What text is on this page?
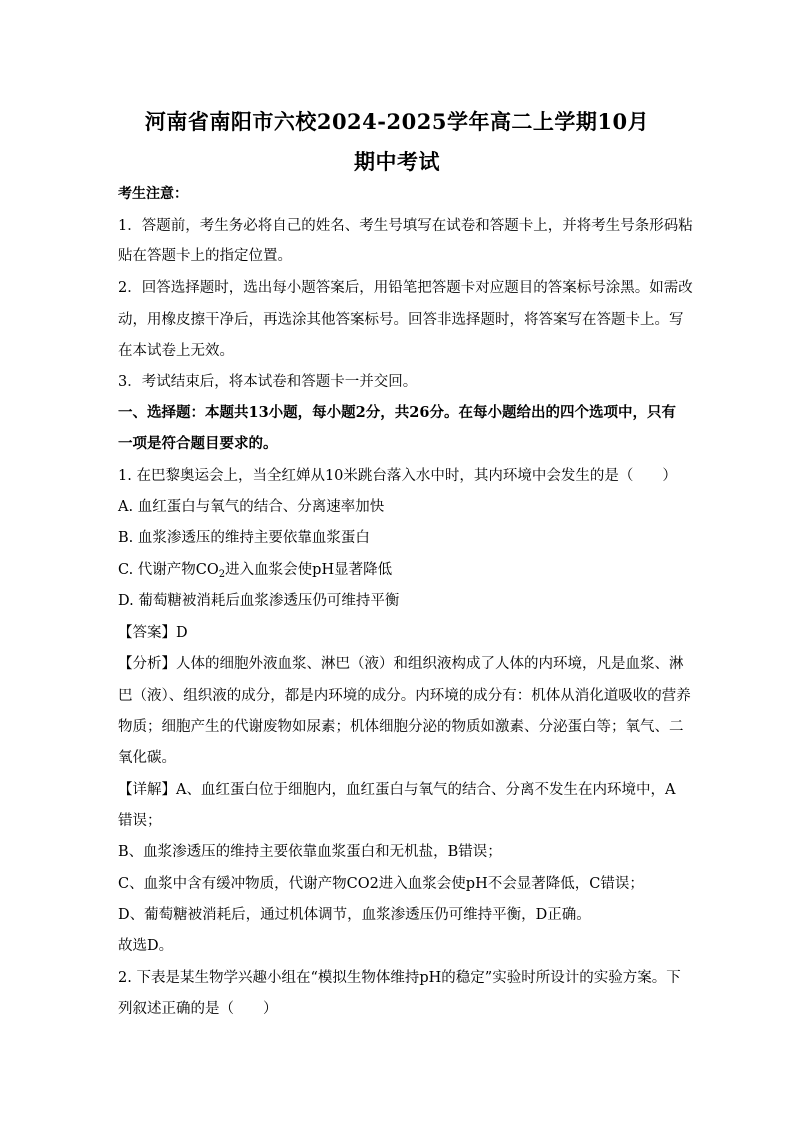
河南省南阳市六校2024-2025学年高二上学期10月
期中考试
考生注意：
1．答题前，考生务必将自己的姓名、考生号填写在试卷和答题卡上，并将考生号条形码粘
贴在答题卡上的指定位置。
2．回答选择题时，选出每小题答案后，用铅笔把答题卡对应题目的答案标号涂黑。如需改
动，用橡皮擦干净后，再选涂其他答案标号。回答非选择题时，将答案写在答题卡上。写
在本试卷上无效。
3．考试结束后，将本试卷和答题卡一并交回。
一、选择题：本题共13小题，每小题2分，共26分。在每小题给出的四个选项中，只有
一项是符合题目要求的。
1. 在巴黎奥运会上，当全红婵从10米跳台落入水中时，其内环境中会发生的是（　　）
A. 血红蛋白与氧气的结合、分离速率加快
B. 血浆渗透压的维持主要依靠血浆蛋白
C. 代谢产物$CO_2$进入血浆会使pH显著降低
D. 葡萄糖被消耗后血浆渗透压仍可维持平衡
【答案】D
【分析】人体的细胞外液血浆、淋巴（液）和组织液构成了人体的内环境，凡是血浆、淋
巴（液）、组织液的成分，都是内环境的成分。内环境的成分有：机体从消化道吸收的营养
物质；细胞产生的代谢废物如尿素；机体细胞分泌的物质如激素、分泌蛋白等；氧气、二
氧化碳。
【详解】A、血红蛋白位于细胞内，血红蛋白与氧气的结合、分离不发生在内环境中，A
错误；
B、血浆渗透压的维持主要依靠血浆蛋白和无机盐，B错误；
C、血浆中含有缓冲物质，代谢产物CO2进入血浆会使pH不会显著降低，C错误；
D、葡萄糖被消耗后，通过机体调节，血浆渗透压仍可维持平衡，D正确。
故选D。
2. 下表是某生物学兴趣小组在“模拟生物体维持pH的稳定”实验时所设计的实验方案。下
列叙述正确的是（　　）
